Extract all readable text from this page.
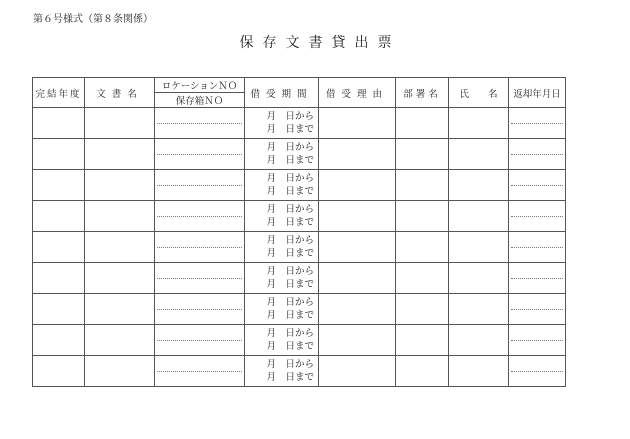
第６号様式（第８条関係）
保存文書貸出票
完結年度	文書名	ロケーションＮＯ	借受期間	借受理由	部署名	氏　　名	返却年月日
		保存箱ＮＯ					

			月　日から
月　日まで				

			月　日から
月　日まで				

			月　日から
月　日まで				

			月　日から
月　日まで				

			月　日から
月　日まで				

			月　日から
月　日まで				

			月　日から
月　日まで				

			月　日から
月　日まで				

			月　日から
月　日まで				
